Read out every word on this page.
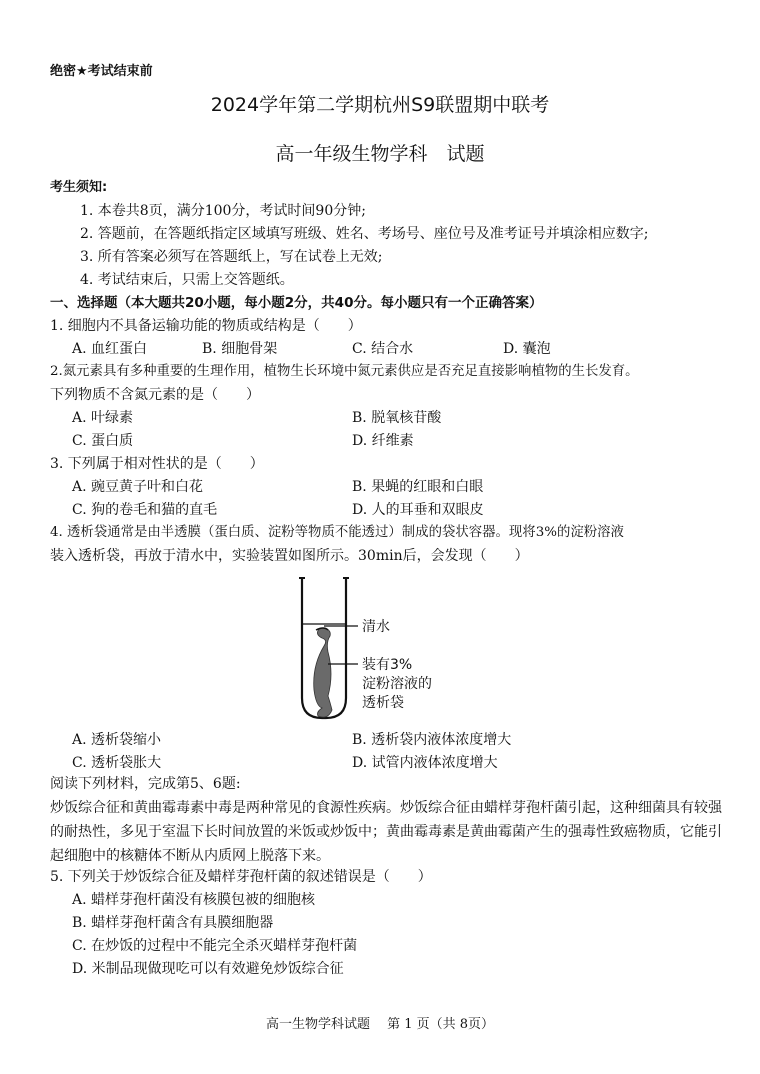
绝密★考试结束前
2024学年第二学期杭州S9联盟期中联考
高一年级生物学科　试题
考生须知:
1. 本卷共8页，满分100分，考试时间90分钟;
2. 答题前，在答题纸指定区域填写班级、姓名、考场号、座位号及准考证号并填涂相应数字;
3. 所有答案必须写在答题纸上，写在试卷上无效;
4. 考试结束后，只需上交答题纸。
一、选择题（本大题共20小题，每小题2分，共40分。每小题只有一个正确答案）
1. 细胞内不具备运输功能的物质或结构是（　　）
A. 血红蛋白	B. 细胞骨架	C. 结合水	D. 囊泡
2.氮元素具有多种重要的生理作用，植物生长环境中氮元素供应是否充足直接影响植物的生长发育。
下列物质不含氮元素的是（　　）
A. 叶绿素	B. 脱氧核苷酸
C. 蛋白质	D. 纤维素
3. 下列属于相对性状的是（　　）
A. 豌豆黄子叶和白花	B. 果蝇的红眼和白眼
C. 狗的卷毛和猫的直毛	D. 人的耳垂和双眼皮
4. 透析袋通常是由半透膜（蛋白质、淀粉等物质不能透过）制成的袋状容器。现将3%的淀粉溶液
装入透析袋，再放于清水中，实验装置如图所示。30min后，会发现（　　）
清水
装有3%
淀粉溶液的
透析袋
A. 透析袋缩小	B. 透析袋内液体浓度增大
C. 透析袋胀大	D. 试管内液体浓度增大
阅读下列材料，完成第5、6题:
炒饭综合征和黄曲霉毒素中毒是两种常见的食源性疾病。炒饭综合征由蜡样芽孢杆菌引起，这种细菌具有较强的耐热性，多见于室温下长时间放置的米饭或炒饭中；黄曲霉毒素是黄曲霉菌产生的强毒性致癌物质，它能引起细胞中的核糖体不断从内质网上脱落下来。
5. 下列关于炒饭综合征及蜡样芽孢杆菌的叙述错误是（　　）
A. 蜡样芽孢杆菌没有核膜包被的细胞核
B. 蜡样芽孢杆菌含有具膜细胞器
C. 在炒饭的过程中不能完全杀灭蜡样芽孢杆菌
D. 米制品现做现吃可以有效避免炒饭综合征
高一生物学科试题　 第 1 页（共 8页）
